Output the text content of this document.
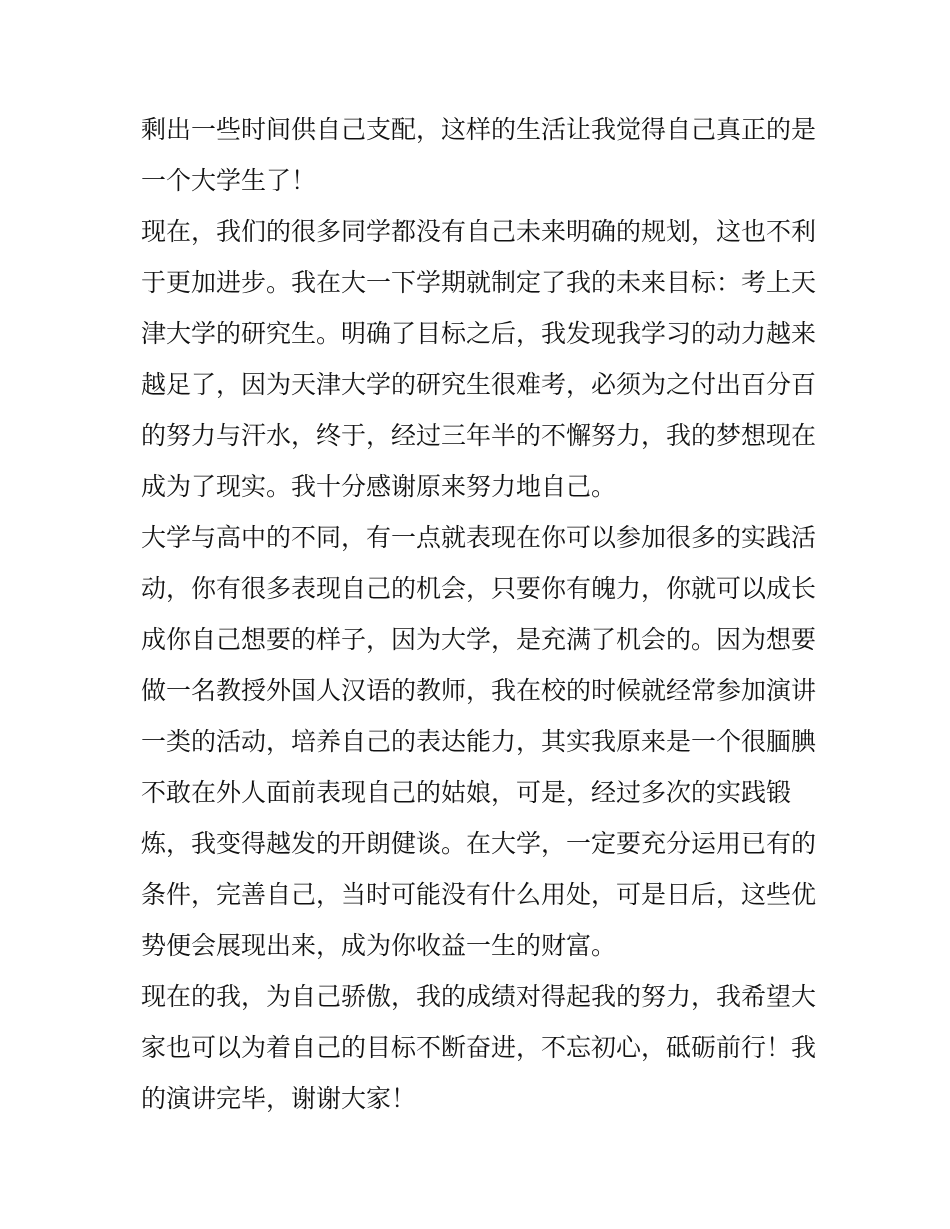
剩出一些时间供自己支配，这样的生活让我觉得自己真正的是
一个大学生了！
现在，我们的很多同学都没有自己未来明确的规划，这也不利
于更加进步。我在大一下学期就制定了我的未来目标：考上天
津大学的研究生。明确了目标之后，我发现我学习的动力越来
越足了，因为天津大学的研究生很难考，必须为之付出百分百
的努力与汗水，终于，经过三年半的不懈努力，我的梦想现在
成为了现实。我十分感谢原来努力地自己。
大学与高中的不同，有一点就表现在你可以参加很多的实践活
动，你有很多表现自己的机会，只要你有魄力，你就可以成长
成你自己想要的样子，因为大学，是充满了机会的。因为想要
做一名教授外国人汉语的教师，我在校的时候就经常参加演讲
一类的活动，培养自己的表达能力，其实我原来是一个很腼腆
不敢在外人面前表现自己的姑娘，可是，经过多次的实践锻
炼，我变得越发的开朗健谈。在大学，一定要充分运用已有的
条件，完善自己，当时可能没有什么用处，可是日后，这些优
势便会展现出来，成为你收益一生的财富。
现在的我，为自己骄傲，我的成绩对得起我的努力，我希望大
家也可以为着自己的目标不断奋进，不忘初心，砥砺前行！我
的演讲完毕，谢谢大家！
